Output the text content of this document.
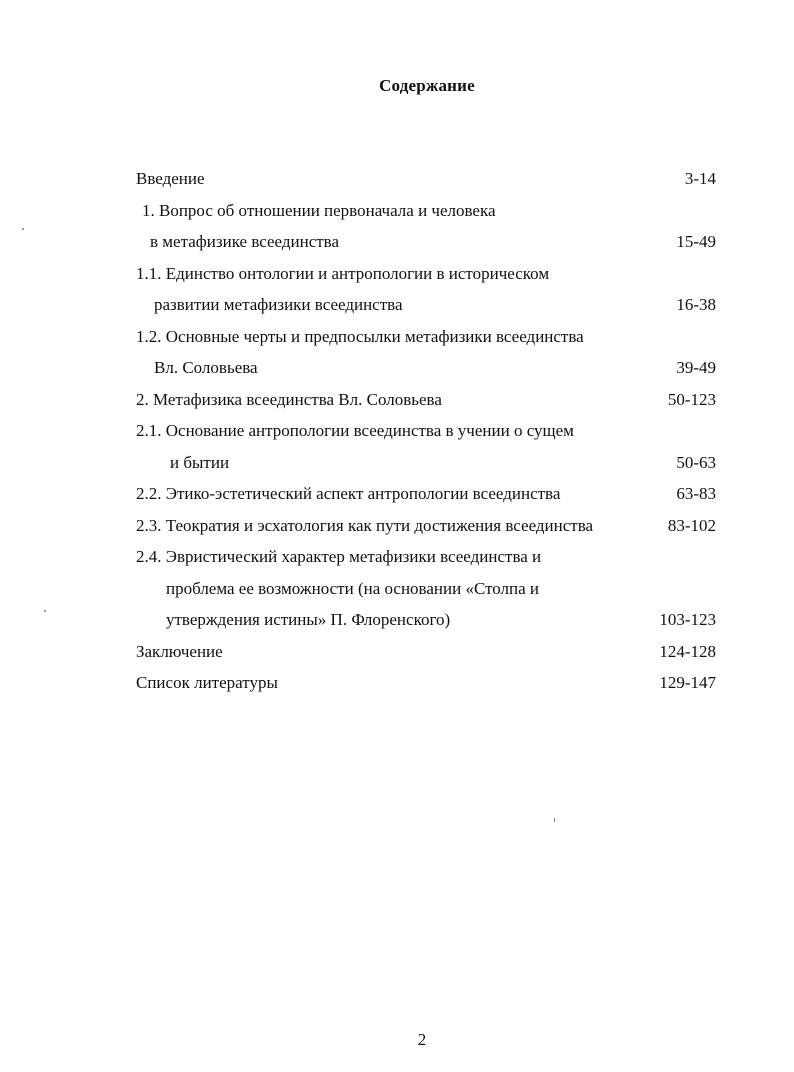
Содержание
Введение	3-14
1. Вопрос об отношении первоначала и человека
в метафизике всеединства	15-49
1.1. Единство онтологии и антропологии в историческом
развитии метафизики всеединства	16-38
1.2. Основные черты и предпосылки метафизики всеединства
Вл. Соловьева	39-49
2. Метафизика всеединства Вл. Соловьева	50-123
2.1. Основание антропологии всеединства в учении о сущем
и бытии	50-63
2.2. Этико-эстетический аспект антропологии всеединства	63-83
2.3. Теократия и эсхатология как пути достижения всеединства	83-102
2.4. Эвристический характер метафизики всеединства и
проблема ее возможности (на основании «Столпа и
утверждения истины» П. Флоренского)	103-123
Заключение	124-128
Список литературы	129-147
2
